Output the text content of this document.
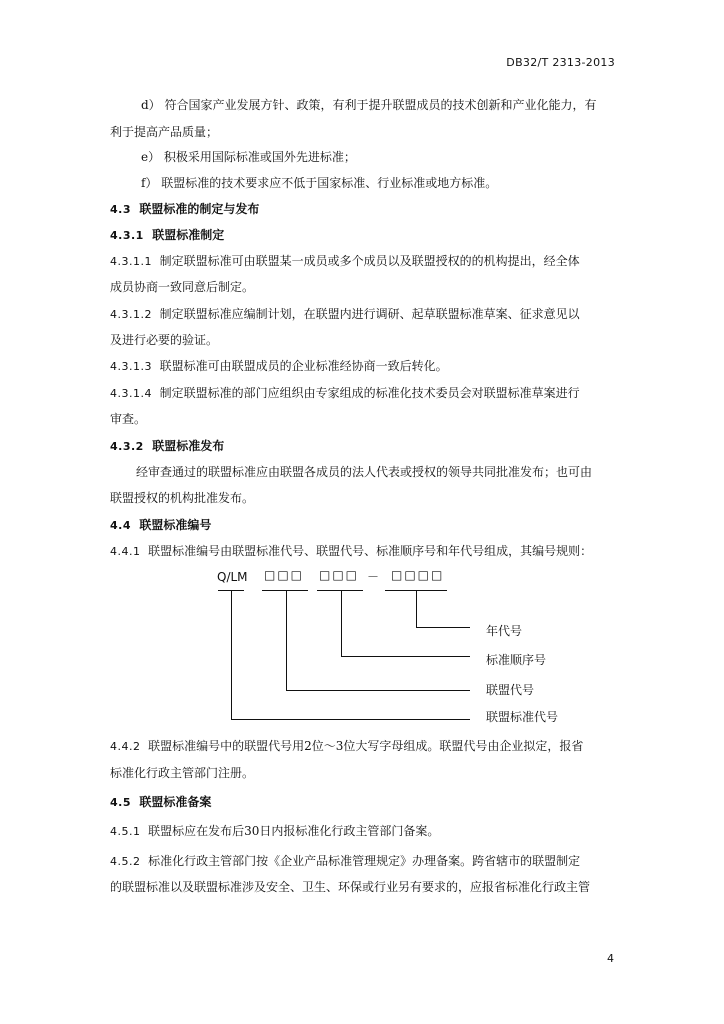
DB32/T 2313-2013
d） 符合国家产业发展方针、政策，有利于提升联盟成员的技术创新和产业化能力，有
利于提高产品质量；
e） 积极采用国际标准或国外先进标准；
f） 联盟标准的技术要求应不低于国家标准、行业标准或地方标准。
4.3 联盟标准的制定与发布
4.3.1 联盟标准制定
4.3.1.1 制定联盟标准可由联盟某一成员或多个成员以及联盟授权的的机构提出，经全体
成员协商一致同意后制定。
4.3.1.2 制定联盟标准应编制计划，在联盟内进行调研、起草联盟标准草案、征求意见以
及进行必要的验证。
4.3.1.3 联盟标准可由联盟成员的企业标准经协商一致后转化。
4.3.1.4 制定联盟标准的部门应组织由专家组成的标准化技术委员会对联盟标准草案进行
审查。
4.3.2 联盟标准发布
经审查通过的联盟标准应由联盟各成员的法人代表或授权的领导共同批准发布；也可由
联盟授权的机构批准发布。
4.4 联盟标准编号
4.4.1 联盟标准编号由联盟标准代号、联盟代号、标准顺序号和年代号组成，其编号规则：
Q/LM □□□ □□□ － □□□□
年代号
标准顺序号
联盟代号
联盟标准代号
4.4.2 联盟标准编号中的联盟代号用2位～3位大写字母组成。联盟代号由企业拟定，报省
标准化行政主管部门注册。
4.5 联盟标准备案
4.5.1 联盟标应在发布后30日内报标准化行政主管部门备案。
4.5.2 标准化行政主管部门按《企业产品标准管理规定》办理备案。跨省辖市的联盟制定
的联盟标准以及联盟标准涉及安全、卫生、环保或行业另有要求的，应报省标准化行政主管
4
